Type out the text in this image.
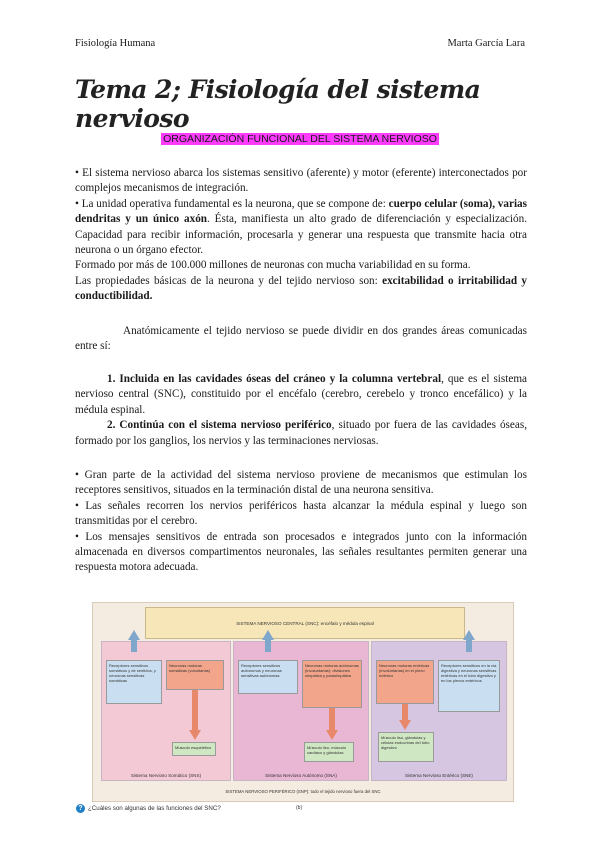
Fisiología Humana	Marta García Lara
Tema 2; Fisiología del sistema nervioso
ORGANIZACIÓN FUNCIONAL DEL SISTEMA NERVIOSO

• El sistema nervioso abarca los sistemas sensitivo (aferente) y motor (eferente) interconectados por complejos mecanismos de integración.

• La unidad operativa fundamental es la neurona, que se compone de: cuerpo celular (soma), varias dendritas y un único axón. Ésta, manifiesta un alto grado de diferenciación y especialización. Capacidad para recibir información, procesarla y generar una respuesta que transmite hacia otra neurona o un órgano efector.

Formado por más de 100.000 millones de neuronas con mucha variabilidad en su forma.

Las propiedades básicas de la neurona y del tejido nervioso son: excitabilidad o irritabilidad y conductibilidad.

Anatómicamente el tejido nervioso se puede dividir en dos grandes áreas comunicadas entre sí:

1. Incluida en las cavidades óseas del cráneo y la columna vertebral, que es el sistema nervioso central (SNC), constituido por el encéfalo (cerebro, cerebelo y tronco encefálico) y la médula espinal.

2. Continúa con el sistema nervioso periférico, situado por fuera de las cavidades óseas, formado por los ganglios, los nervios y las terminaciones nerviosas.

• Gran parte de la actividad del sistema nervioso proviene de mecanismos que estimulan los receptores sensitivos, situados en la terminación distal de una neurona sensitiva.

• Las señales recorren los nervios periféricos hasta alcanzar la médula espinal y luego son transmitidas por el cerebro.

• Los mensajes sensitivos de entrada son procesados e integrados junto con la información almacenada en diversos compartimentos neuronales, las señales resultantes permiten generar una respuesta motora adecuada.

SISTEMA NERVIOSO CENTRAL (SNC): encéfalo y médula espinal
Receptores sensitivos somáticos y de sentidos, y neuronas sensitivas somáticas
Neuronas motoras somáticas (voluntarias)
Músculo esquelético
Sistema Nervioso Somático (SNS)
Receptores sensitivos autónomos y neuronas sensitivas autónomas
Neuronas motoras autónomas (involuntarias): divisiones simpática y parasimpática
Músculo liso, músculo cardiaco y glándulas
Sistema Nervioso Autónomo (SNA)
Neuronas motoras entéricas (involuntarias) en el plexo entérico
Receptores sensitivos en la vía digestiva y neuronas sensitivas entéricas en el tubo digestivo y en los plexos entéricos
Músculo liso, glándulas y células endocrinas del tubo digestivo
Sistema Nervioso Entérico (SNE)
SISTEMA NERVIOSO PERIFÉRICO (SNP): todo el tejido nervioso fuera del SNC
? ¿Cuáles son algunas de las funciones del SNC?	(b)
